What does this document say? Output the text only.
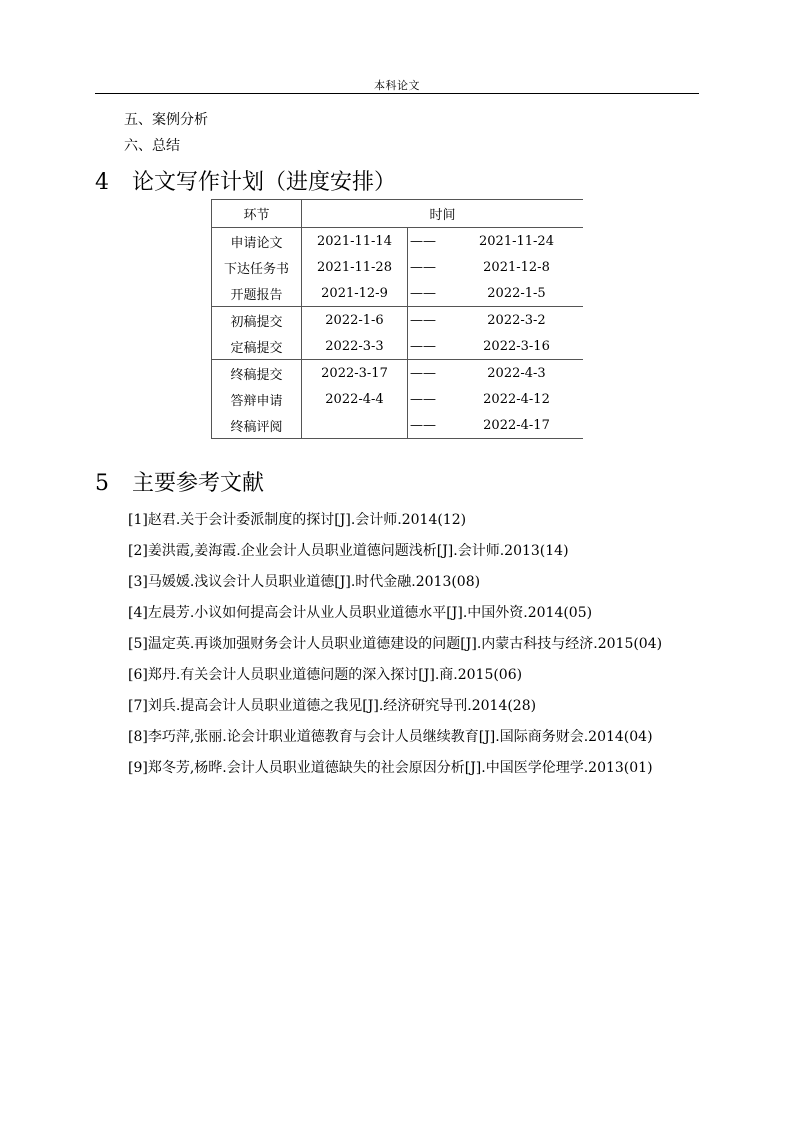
本科论文
五、案例分析
六、总结
4 论文写作计划（进度安排）
环节	时间		
申请论文	2021-11-14	——	2021-11-24
下达任务书	2021-11-28	——	2021-12-8
开题报告	2021-12-9	——	2022-1-5
初稿提交	2022-1-6	——	2022-3-2
定稿提交	2022-3-3	——	2022-3-16
终稿提交	2022-3-17	——	2022-4-3
答辩申请	2022-4-4	——	2022-4-12
终稿评阅		——	2022-4-17
5 主要参考文献

[1]赵君.关于会计委派制度的探讨[J].会计师.2014(12)

[2]姜洪霞,姜海霞.企业会计人员职业道德问题浅析[J].会计师.2013(14)

[3]马媛媛.浅议会计人员职业道德[J].时代金融.2013(08)

[4]左晨芳.小议如何提高会计从业人员职业道德水平[J].中国外资.2014(05)

[5]温定英.再谈加强财务会计人员职业道德建设的问题[J].内蒙古科技与经济.2015(04)

[6]郑丹.有关会计人员职业道德问题的深入探讨[J].商.2015(06)

[7]刘兵.提高会计人员职业道德之我见[J].经济研究导刊.2014(28)

[8]李巧萍,张丽.论会计职业道德教育与会计人员继续教育[J].国际商务财会.2014(04)

[9]郑冬芳,杨晔.会计人员职业道德缺失的社会原因分析[J].中国医学伦理学.2013(01)
